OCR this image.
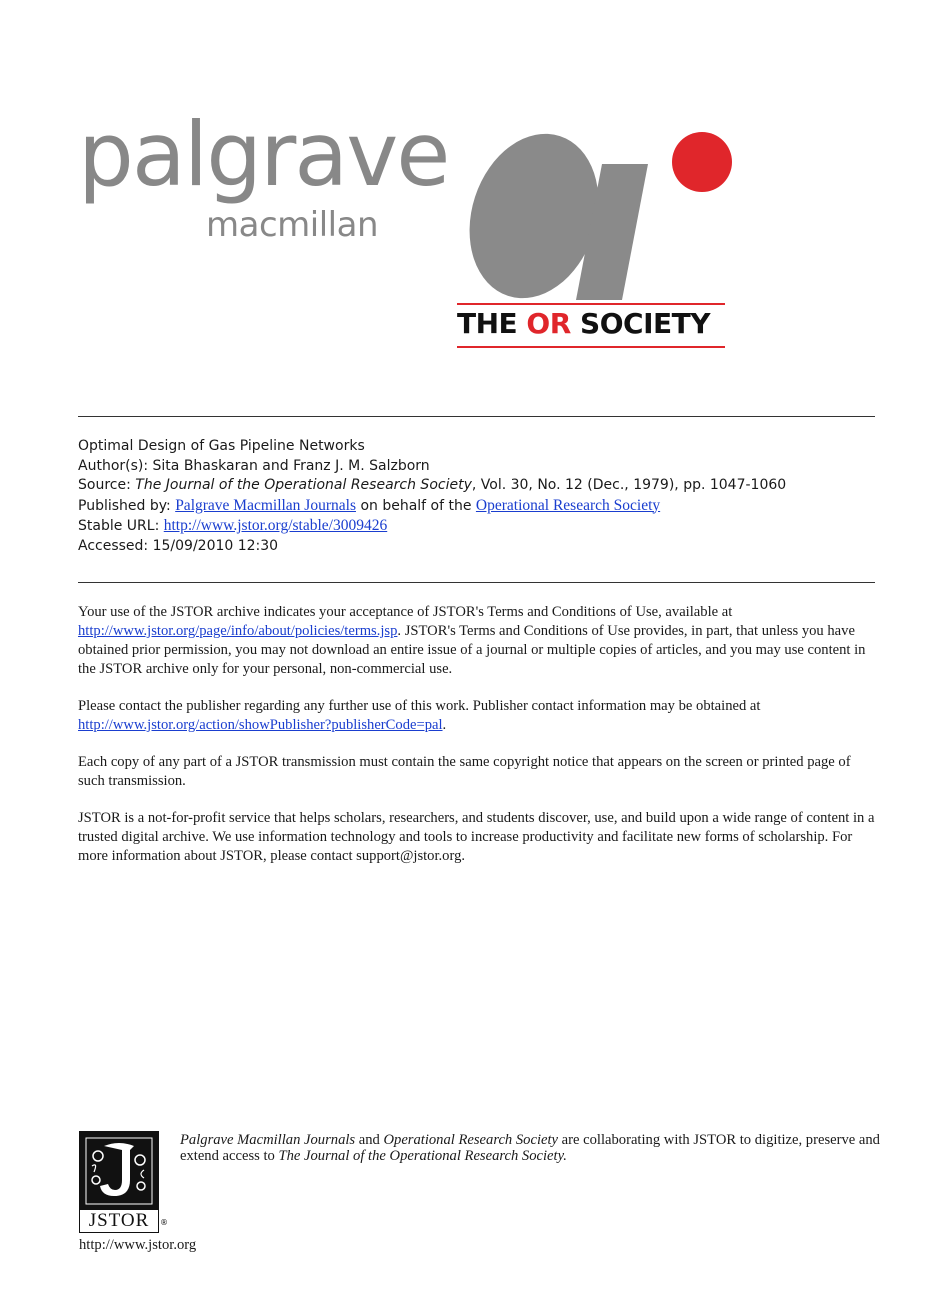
palgrave
macmillan
THE OR SOCIETY
Optimal Design of Gas Pipeline Networks
Author(s): Sita Bhaskaran and Franz J. M. Salzborn
Source: The Journal of the Operational Research Society, Vol. 30, No. 12 (Dec., 1979), pp. 1047-1060
Published by: Palgrave Macmillan Journals on behalf of the Operational Research Society
Stable URL: http://www.jstor.org/stable/3009426
Accessed: 15/09/2010 12:30

Your use of the JSTOR archive indicates your acceptance of JSTOR's Terms and Conditions of Use, available at http://www.jstor.org/page/info/about/policies/terms.jsp. JSTOR's Terms and Conditions of Use provides, in part, that unless you have obtained prior permission, you may not download an entire issue of a journal or multiple copies of articles, and you may use content in the JSTOR archive only for your personal, non-commercial use.

Please contact the publisher regarding any further use of this work. Publisher contact information may be obtained at http://www.jstor.org/action/showPublisher?publisherCode=pal.

Each copy of any part of a JSTOR transmission must contain the same copyright notice that appears on the screen or printed page of such transmission.

JSTOR is a not-for-profit service that helps scholars, researchers, and students discover, use, and build upon a wide range of content in a trusted digital archive. We use information technology and tools to increase productivity and facilitate new forms of scholarship. For more information about JSTOR, please contact support@jstor.org.

JSTOR	®
Palgrave Macmillan Journals and Operational Research Society are collaborating with JSTOR to digitize, preserve and extend access to The Journal of the Operational Research Society.
http://www.jstor.org
